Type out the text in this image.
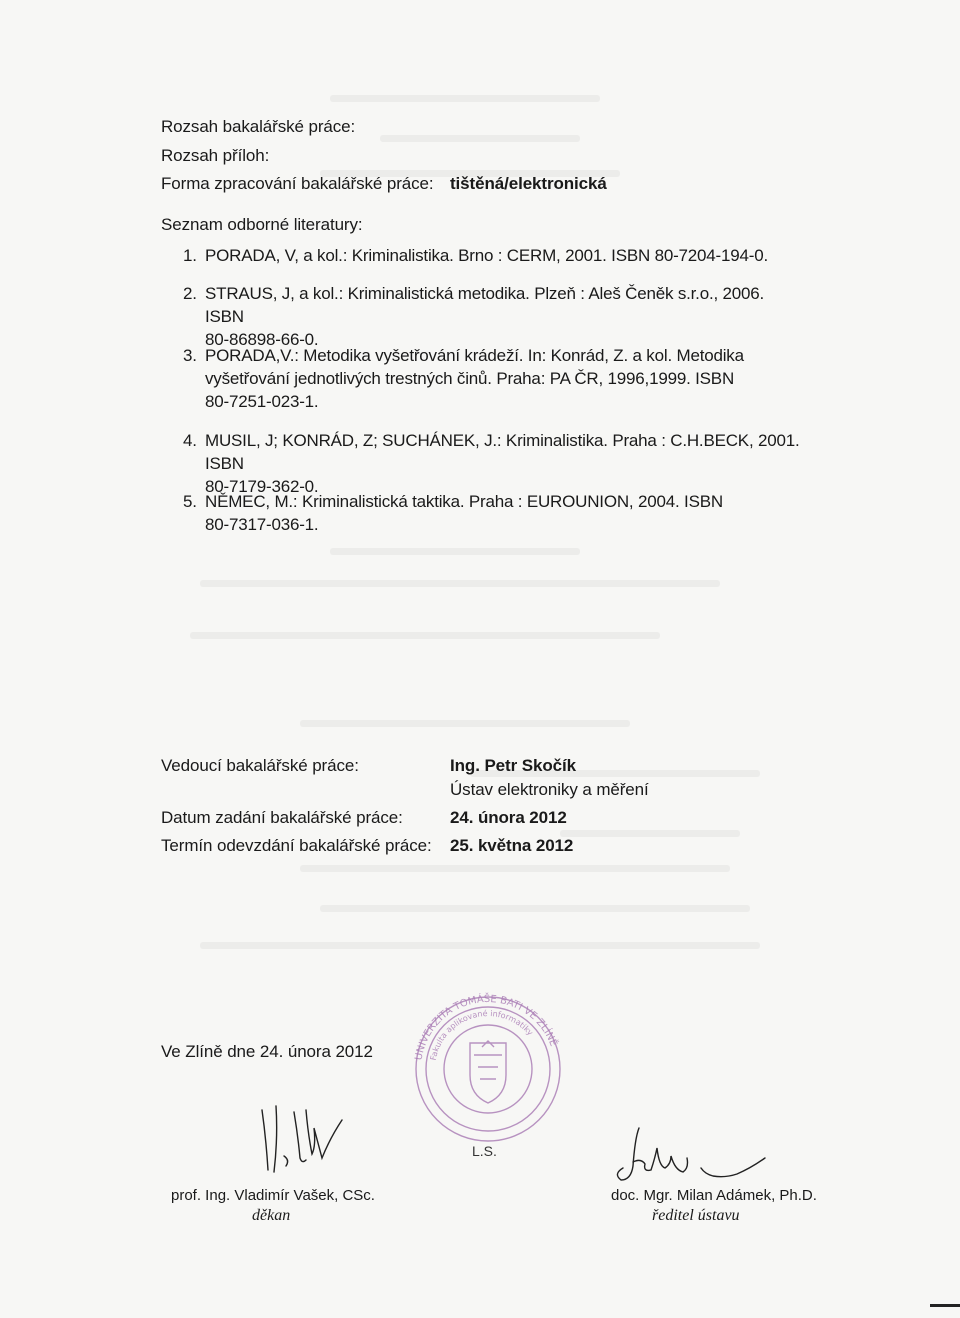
Rozsah bakalářské práce:
Rozsah příloh:
Forma zpracování bakalářské práce: tištěná/elektronická
Seznam odborné literatury:
1. PORADA, V, a kol.: Kriminalistika. Brno : CERM, 2001. ISBN 80-7204-194-0.
2. STRAUS, J, a kol.: Kriminalistická metodika. Plzeň : Aleš Čeněk s.r.o., 2006. ISBN
80-86898-66-0.
3. PORADA,V.: Metodika vyšetřování krádeží. In: Konrád, Z. a kol. Metodika
vyšetřování jednotlivých trestných činů. Praha: PA ČR, 1996,1999. ISBN
80-7251-023-1.
4. MUSIL, J; KONRÁD, Z; SUCHÁNEK, J.: Kriminalistika. Praha : C.H.BECK, 2001. ISBN
80-7179-362-0.
5. NĚMEC, M.: Kriminalistická taktika. Praha : EUROUNION, 2004. ISBN
80-7317-036-1.
Vedoucí bakalářské práce:	Ing. Petr Skočík
Ústav elektroniky a měření
Datum zadání bakalářské práce:	24. února 2012
Termín odevzdání bakalářské práce: 25. května 2012
Ve Zlíně dne 24. února 2012	UNIVERZITA TOMÁŠE BATI VE ZLÍNĚ
Fakulta aplikované informatiky
L.S.
prof. Ing. Vladimír Vašek, CSc.
děkan
doc. Mgr. Milan Adámek, Ph.D.
ředitel ústavu
